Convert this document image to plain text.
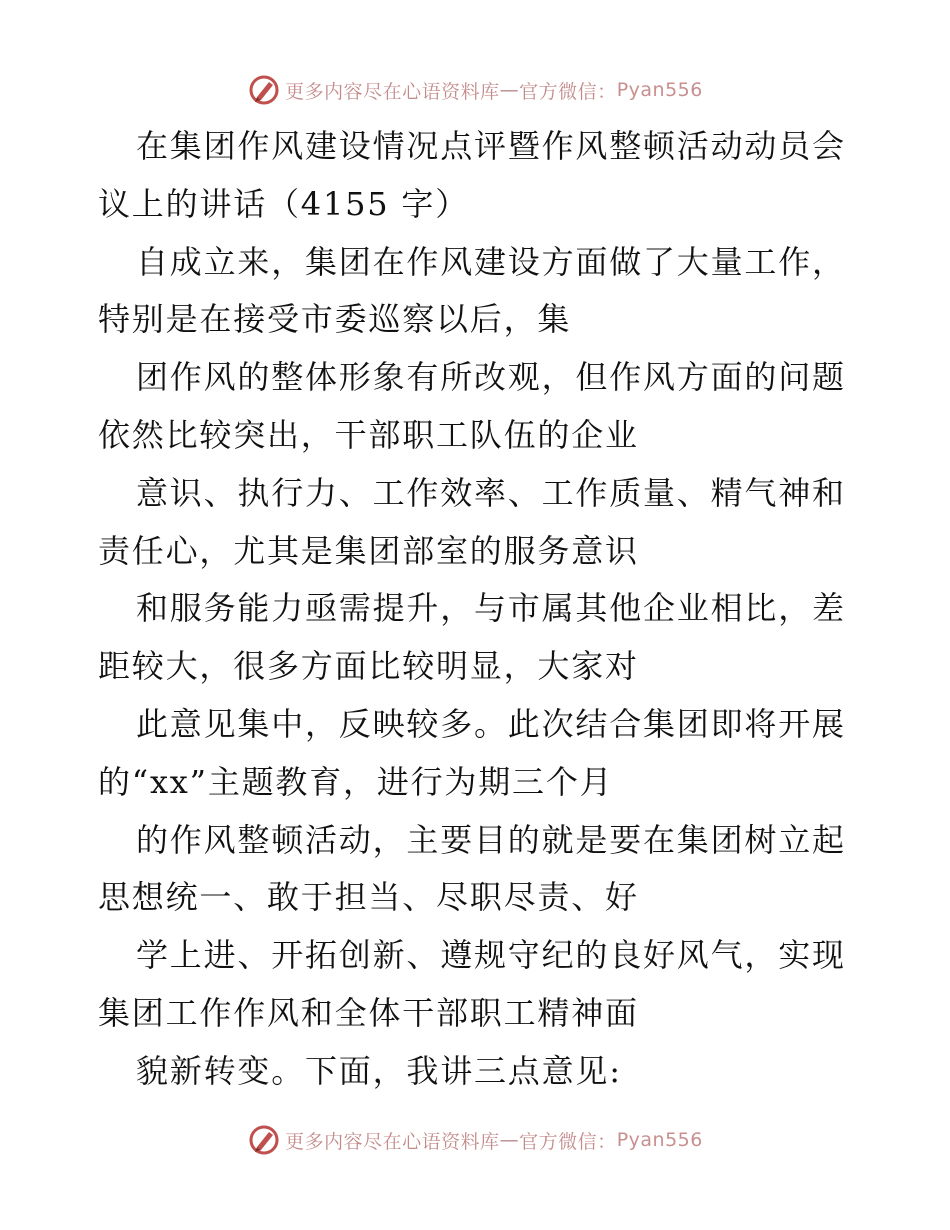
更多内容尽在心语资料库 — 官方微信： Pyan556
在集团作风建设情况点评暨作风整顿活动动员会
议上的讲话（4155 字）
自成立来，集团在作风建设方面做了大量工作，
特别是在接受市委巡察以后，集
团作风的整体形象有所改观，但作风方面的问题
依然比较突出，干部职工队伍的企业
意识、执行力、工作效率、工作质量、精气神和
责任心，尤其是集团部室的服务意识
和服务能力亟需提升，与市属其他企业相比，差
距较大，很多方面比较明显，大家对
此意见集中，反映较多。此次结合集团即将开展
的“xx”主题教育，进行为期三个月
的作风整顿活动，主要目的就是要在集团树立起
思想统一、敢于担当、尽职尽责、好
学上进、开拓创新、遵规守纪的良好风气，实现
集团工作作风和全体干部职工精神面
貌新转变。下面，我讲三点意见:
更多内容尽在心语资料库 — 官方微信： Pyan556
